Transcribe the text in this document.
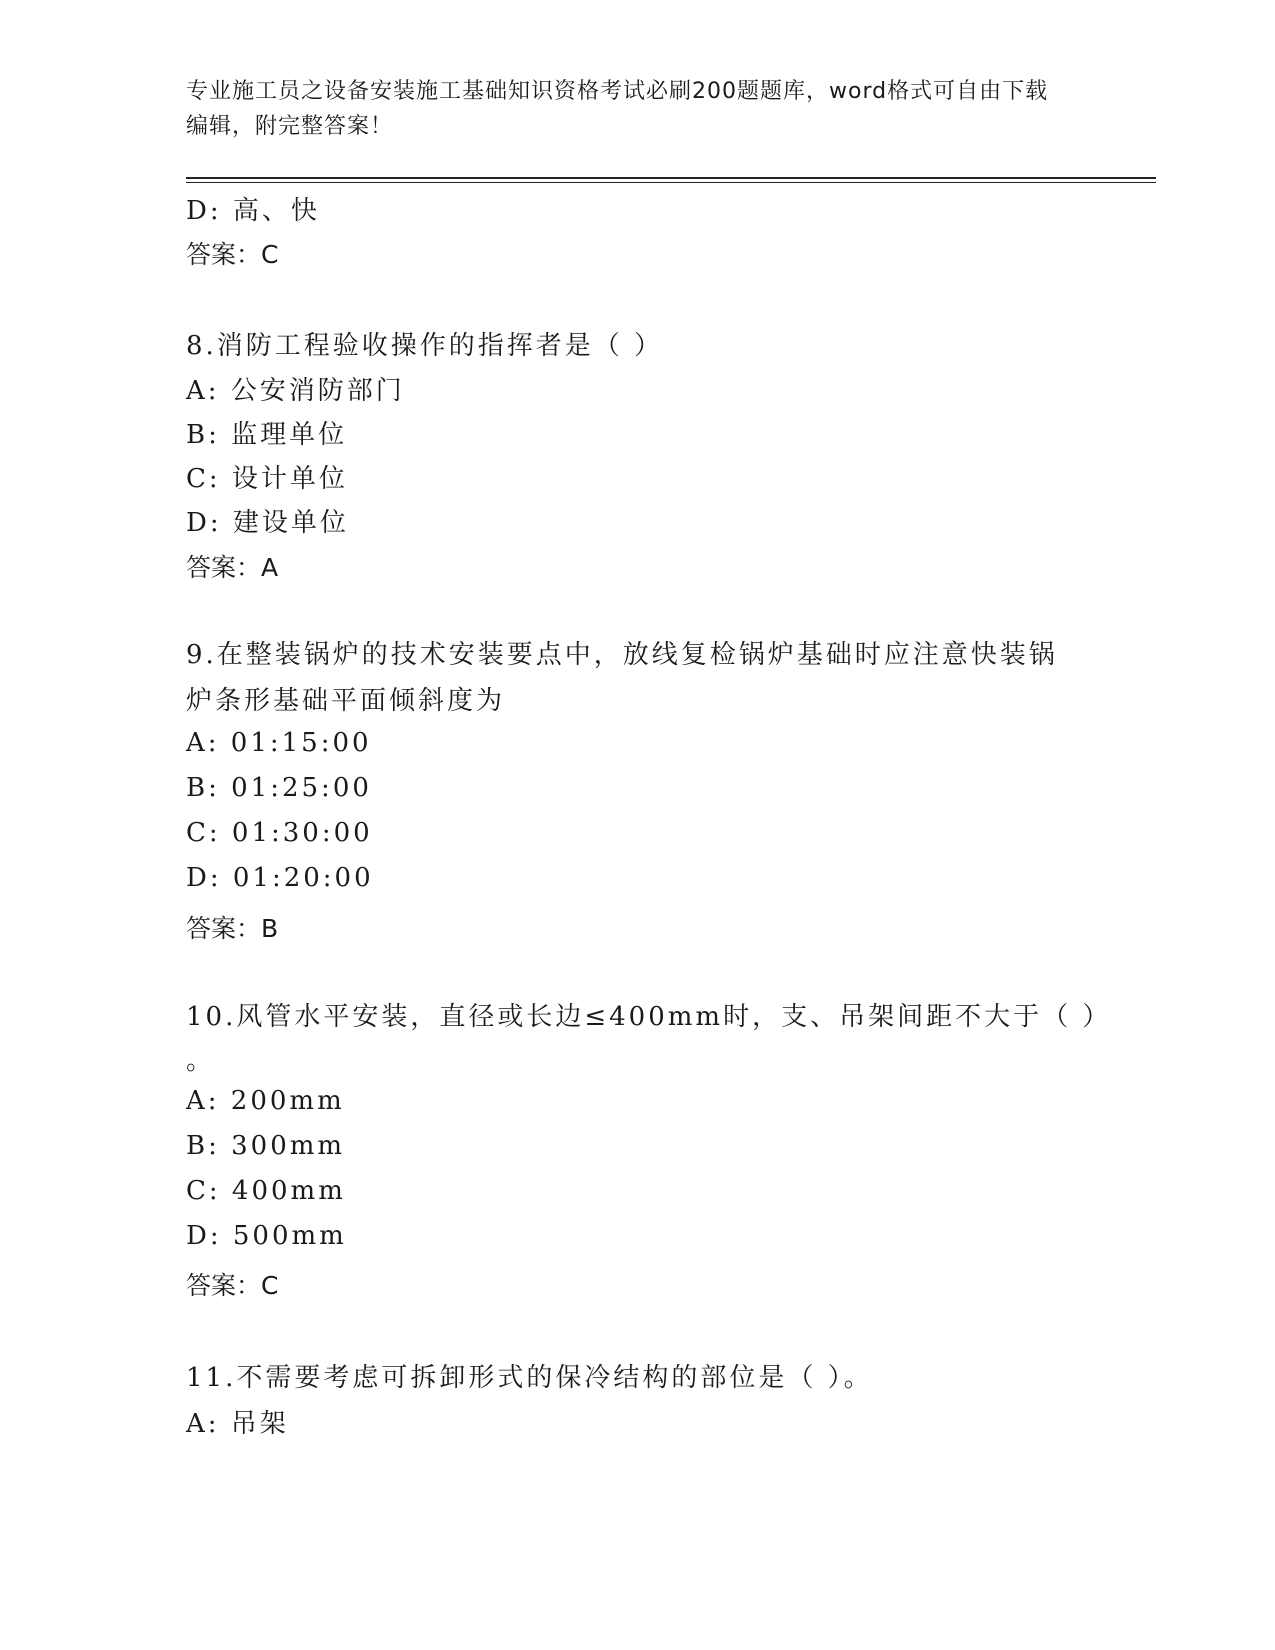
专业施工员之设备安装施工基础知识资格考试必刷200题题库，word格式可自由下载编辑，附完整答案！
D: 高、快
答案：C
8.消防工程验收操作的指挥者是（ ）
A: 公安消防部门
B: 监理单位
C: 设计单位
D: 建设单位
答案：A
9.在整装锅炉的技术安装要点中，放线复检锅炉基础时应注意快装锅炉条形基础平面倾斜度为
A: 01:15:00
B: 01:25:00
C: 01:30:00
D: 01:20:00
答案：B
10.风管水平安装，直径或长边≤400mm时，支、吊架间距不大于（ ）
。
A: 200mm
B: 300mm
C: 400mm
D: 500mm
答案：C
11.不需要考虑可拆卸形式的保冷结构的部位是（ ）。
A: 吊架
